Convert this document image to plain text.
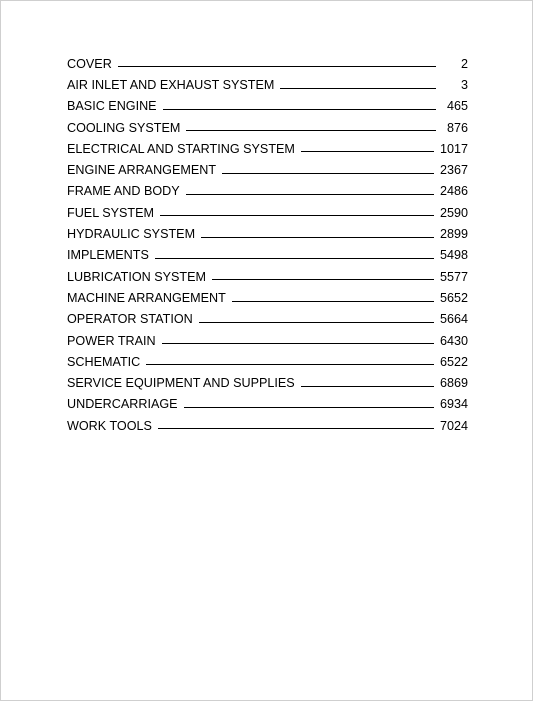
COVER	2
AIR INLET AND EXHAUST SYSTEM	3
BASIC ENGINE	465
COOLING SYSTEM	876
ELECTRICAL AND STARTING SYSTEM	1017
ENGINE ARRANGEMENT	2367
FRAME AND BODY	2486
FUEL SYSTEM	2590
HYDRAULIC SYSTEM	2899
IMPLEMENTS	5498
LUBRICATION SYSTEM	5577
MACHINE ARRANGEMENT	5652
OPERATOR STATION	5664
POWER TRAIN	6430
SCHEMATIC	6522
SERVICE EQUIPMENT AND SUPPLIES	6869
UNDERCARRIAGE	6934
WORK TOOLS	7024
